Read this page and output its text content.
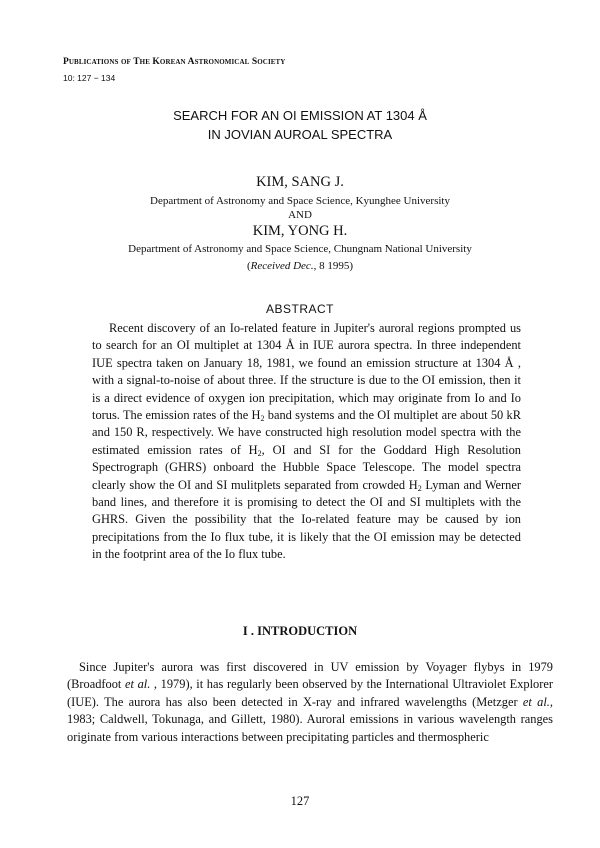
Publications of The Korean Astronomical Society
10: 127 − 134
SEARCH FOR AN OI EMISSION AT 1304 Å
IN JOVIAN AUROAL SPECTRA
KIM, SANG J.
Department of Astronomy and Space Science, Kyunghee University
AND
KIM, YONG H.
Department of Astronomy and Space Science, Chungnam National University
(Received Dec., 8 1995)
ABSTRACT

Recent discovery of an Io-related feature in Jupiter's auroral regions prompted us to search for an OI multiplet at 1304 Å in IUE aurora spectra. In three independent IUE spectra taken on January 18, 1981, we found an emission structure at 1304 Å , with a signal-to-noise of about three. If the structure is due to the OI emission, then it is a direct evidence of oxygen ion precipitation, which may originate from Io and Io torus. The emission rates of the $H_2$ band systems and the OI multiplet are about 50 kR and 150 R, respectively. We have constructed high resolution model spectra with the estimated emission rates of $H_2$, OI and SI for the Goddard High Resolution Spectrograph (GHRS) onboard the Hubble Space Telescope. The model spectra clearly show the OI and SI mulitplets separated from crowded $H_2$ Lyman and Werner band lines, and therefore it is promising to detect the OI and SI multiplets with the GHRS. Given the possibility that the Io-related feature may be caused by ion precipitations from the Io flux tube, it is likely that the OI emission may be detected in the footprint area of the Io flux tube.

I . INTRODUCTION

Since Jupiter's aurora was first discovered in UV emission by Voyager flybys in 1979 (Broadfoot et al. , 1979), it has regularly been observed by the International Ultraviolet Explorer (IUE). The aurora has also been detected in X-ray and infrared wavelengths (Metzger et al., 1983; Caldwell, Tokunaga, and Gillett, 1980). Auroral emissions in various wavelength ranges originate from various interactions between precipitating particles and thermospheric

127
